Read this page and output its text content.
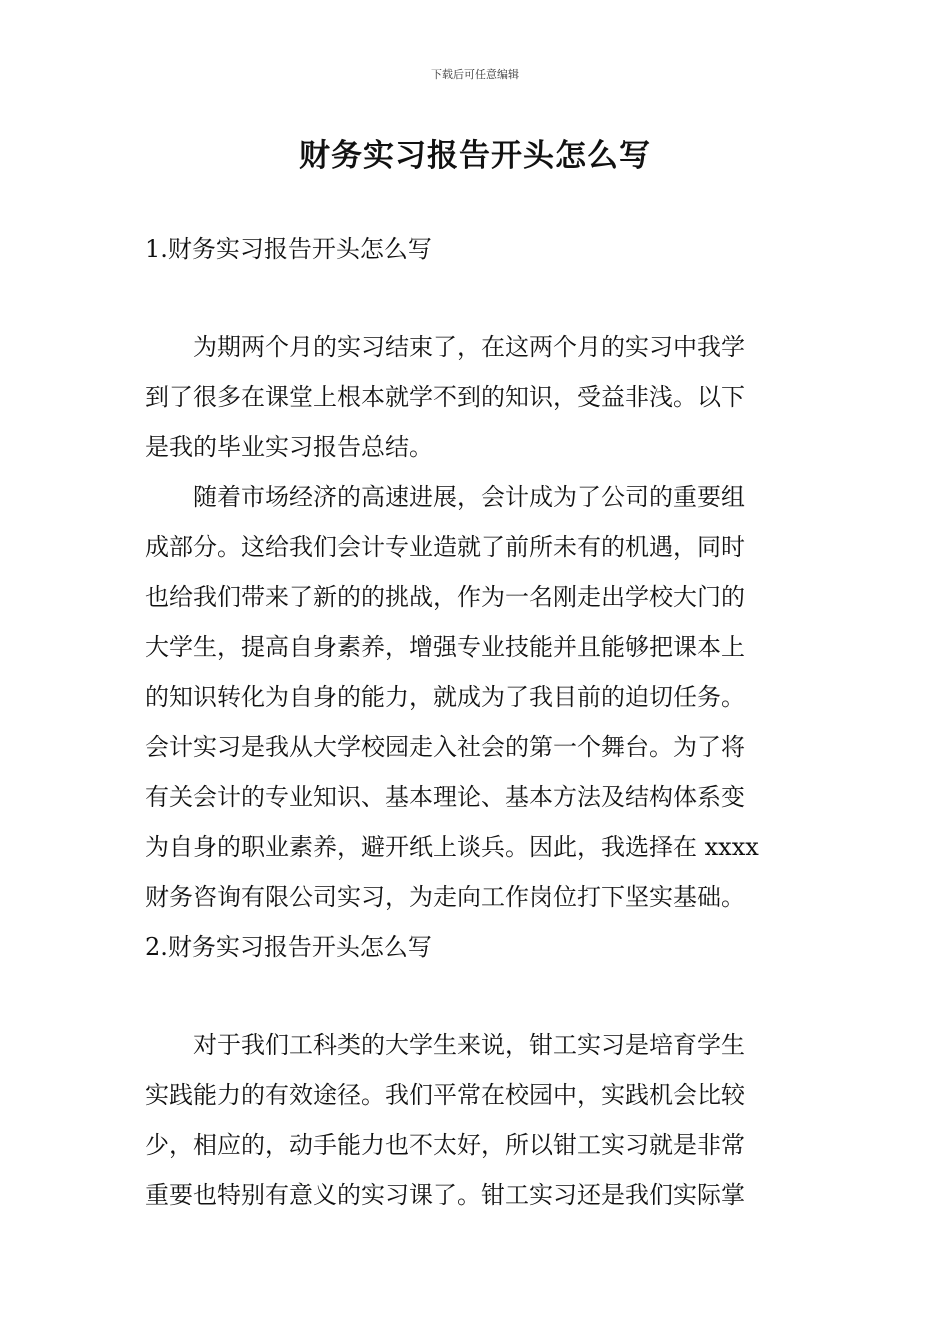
下载后可任意编辑
财务实习报告开头怎么写

1.财务实习报告开头怎么写

为期两个月的实习结束了，在这两个月的实习中我学

到了很多在课堂上根本就学不到的知识，受益非浅。以下
是我的毕业实习报告总结。

随着市场经济的高速进展，会计成为了公司的重要组

成部分。这给我们会计专业造就了前所未有的机遇，同时
也给我们带来了新的的挑战，作为一名刚走出学校大门的
大学生，提高自身素养，增强专业技能并且能够把课本上
的知识转化为自身的能力，就成为了我目前的迫切任务。
会计实习是我从大学校园走入社会的第一个舞台。为了将
有关会计的专业知识、基本理论、基本方法及结构体系变
为自身的职业素养，避开纸上谈兵。因此，我选择在 xxxx
财务咨询有限公司实习，为走向工作岗位打下坚实基础。

2.财务实习报告开头怎么写

对于我们工科类的大学生来说，钳工实习是培育学生

实践能力的有效途径。我们平常在校园中，实践机会比较
少，相应的，动手能力也不太好，所以钳工实习就是非常
重要也特别有意义的实习课了。钳工实习还是我们实际掌
